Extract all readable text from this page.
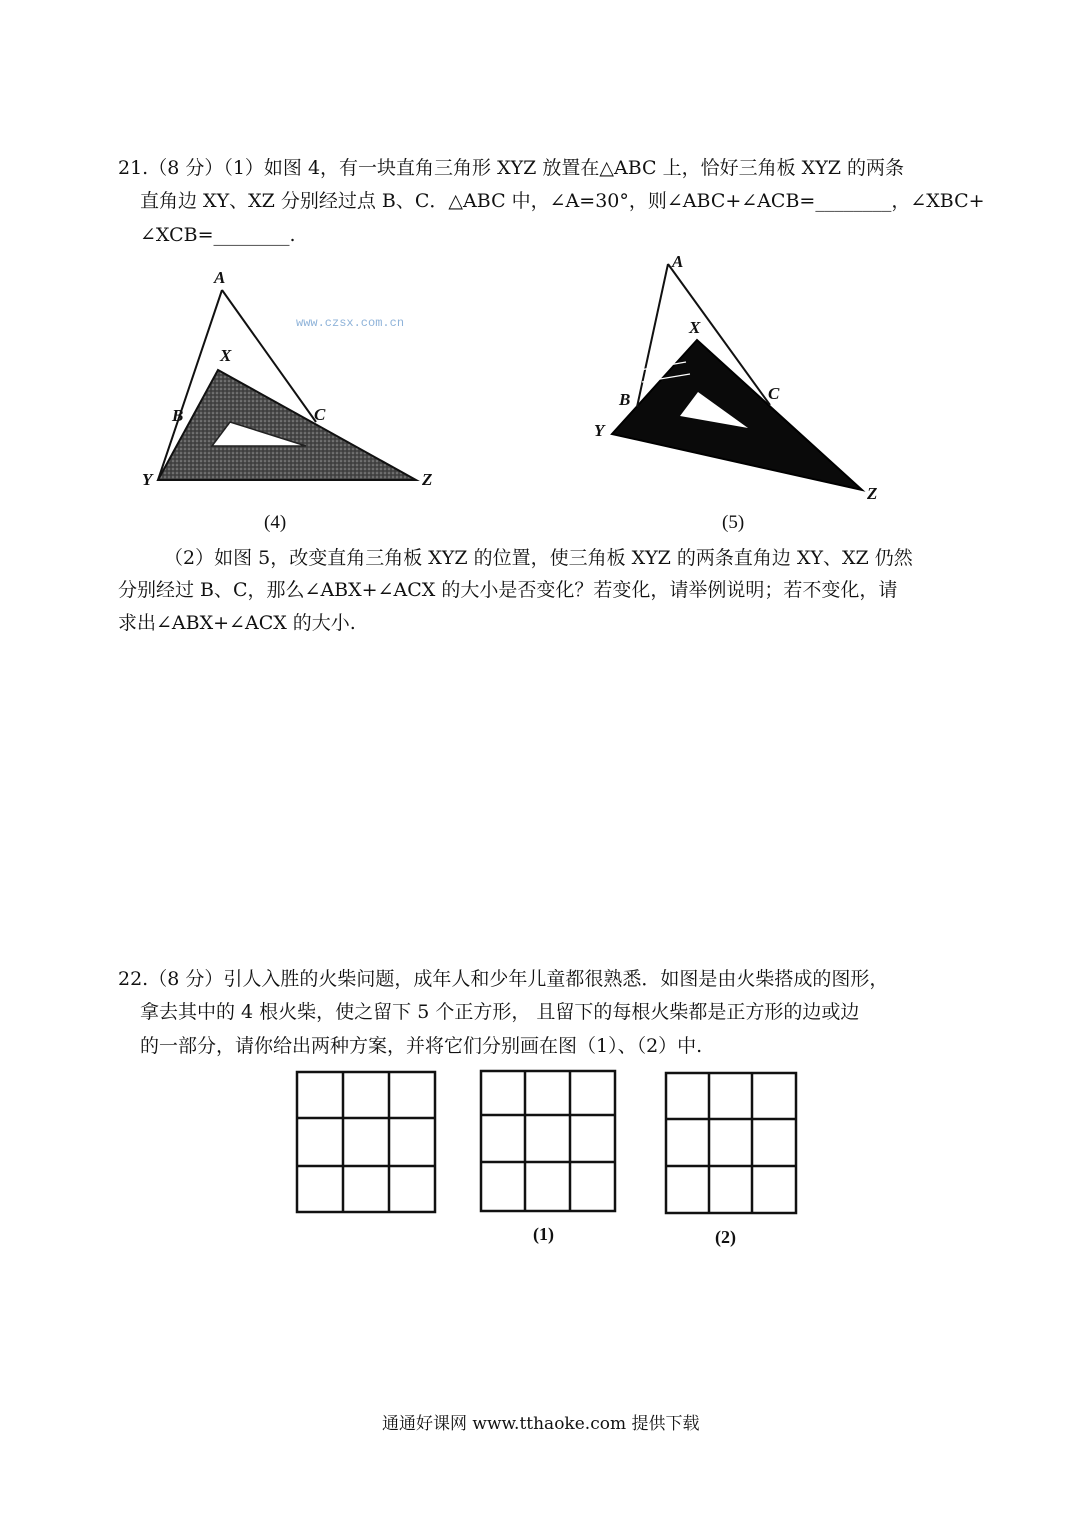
21.（8 分）（1）如图 4，有一块直角三角形 XYZ 放置在△ABC 上，恰好三角板 XYZ 的两条
直角边 XY、XZ 分别经过点 B、C．△ABC 中，∠A=30°，则∠ABC+∠ACB=________，∠XBC+
∠XCB=________.
A
X
B	C
Y	Z
www.czsx.com.cn
(4)
A
X
B	C
Y
Z
(5)
（2）如图 5，改变直角三角板 XYZ 的位置，使三角板 XYZ 的两条直角边 XY、XZ 仍然
分别经过 B、C，那么∠ABX+∠ACX 的大小是否变化？若变化，请举例说明；若不变化，请
求出∠ABX+∠ACX 的大小.
22.（8 分）引人入胜的火柴问题，成年人和少年儿童都很熟悉．如图是由火柴搭成的图形，
拿去其中的 4 根火柴，使之留下 5 个正方形， 且留下的每根火柴都是正方形的边或边
的一部分，请你给出两种方案，并将它们分别画在图（1）、（2）中.
(1)	(2)
通通好课网 www.tthaoke.com 提供下载
